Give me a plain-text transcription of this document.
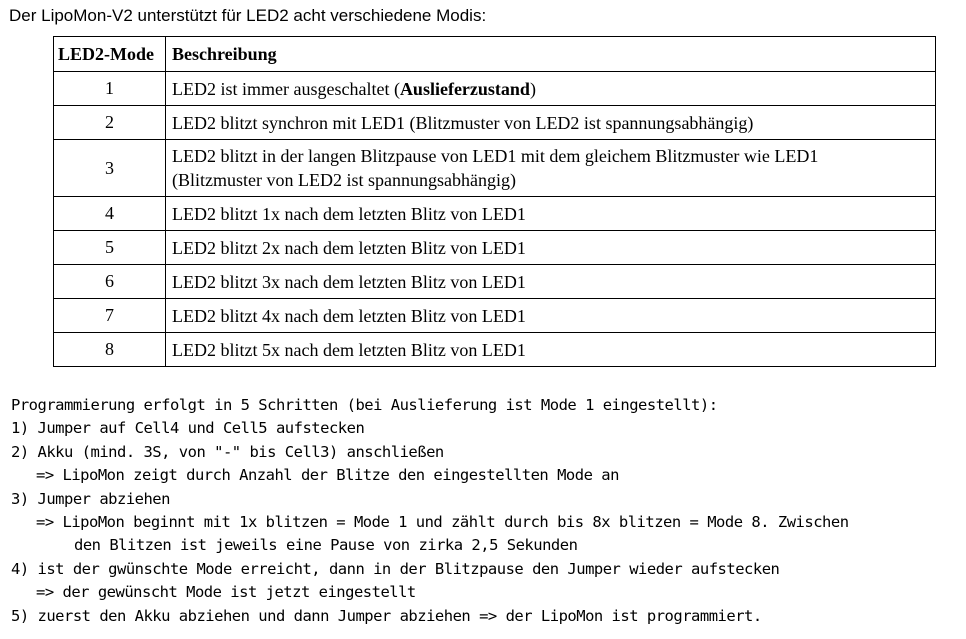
Der LipoMon-V2 unterstützt für LED2 acht verschiedene Modis:
LED2-Mode	Beschreibung
1	LED2 ist immer ausgeschaltet (Auslieferzustand)
2	LED2 blitzt synchron mit LED1 (Blitzmuster von LED2 ist spannungsabhängig)
3	LED2 blitzt in der langen Blitzpause von LED1 mit dem gleichem Blitzmuster wie LED1
(Blitzmuster von LED2 ist spannungsabhängig)
4	LED2 blitzt 1x nach dem letzten Blitz von LED1
5	LED2 blitzt 2x nach dem letzten Blitz von LED1
6	LED2 blitzt 3x nach dem letzten Blitz von LED1
7	LED2 blitzt 4x nach dem letzten Blitz von LED1
8	LED2 blitzt 5x nach dem letzten Blitz von LED1
Programmierung erfolgt in 5 Schritten (bei Auslieferung ist Mode 1 eingestellt):
1) Jumper auf Cell4 und Cell5 aufstecken
2) Akku (mind. 3S, von "-" bis Cell3) anschließen
=> LipoMon zeigt durch Anzahl der Blitze den eingestellten Mode an
3) Jumper abziehen
=> LipoMon beginnt mit 1x blitzen = Mode 1 und zählt durch bis 8x blitzen = Mode 8. Zwischen
den Blitzen ist jeweils eine Pause von zirka 2,5 Sekunden
4) ist der gwünschte Mode erreicht, dann in der Blitzpause den Jumper wieder aufstecken
=> der gewünscht Mode ist jetzt eingestellt
5) zuerst den Akku abziehen und dann Jumper abziehen => der LipoMon ist programmiert.
